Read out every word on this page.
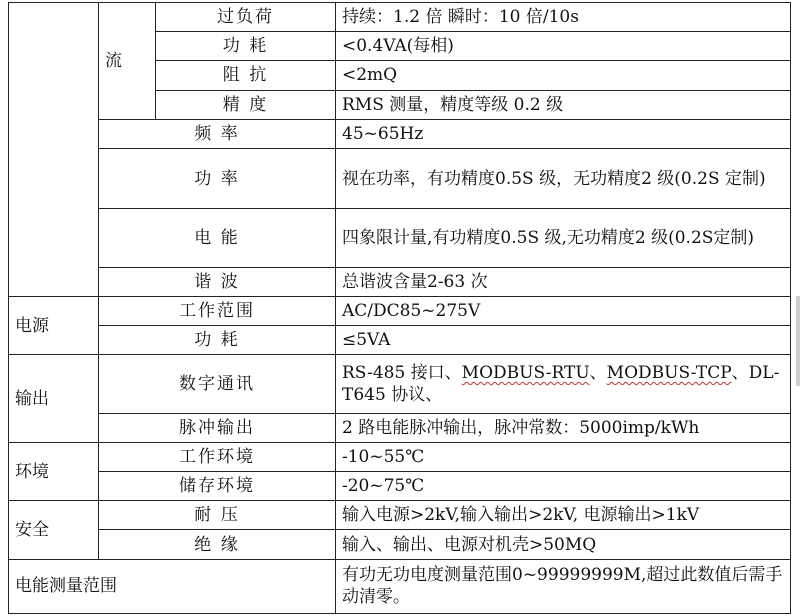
	流	过负荷	持续：1.2 倍 瞬时：10 倍/10s
		功 耗	<0.4VA(每相)
		阻 抗	<2mQ
		精 度	RMS 测量，精度等级 0.2 级
	频 率		45~65Hz
	功 率		视在功率，有功精度0.5S 级，无功精度2 级(0.2S 定制)
	电 能		四象限计量,有功精度0.5S 级,无功精度2 级(0.2S定制)
	谐 波		总谐波含量2-63 次
电源	工作范围		AC/DC85~275V
	功 耗		≤5VA
输出	数字通讯		RS-485 接口、MODBUS-RTU、MODBUS-TCP、DL-T645 协议、
	脉冲输出		2 路电能脉冲输出，脉冲常数：5000imp/kWh
环境	工作环境		-10~55℃
	储存环境		-20~75℃
安全	耐 压		输入电源>2kV,输入输出>2kV, 电源输出>1kV
	绝 缘		输入、输出、电源对机壳>50MQ
电能测量范围			有功无功电度测量范围0~99999999M,超过此数值后需手动清零。
